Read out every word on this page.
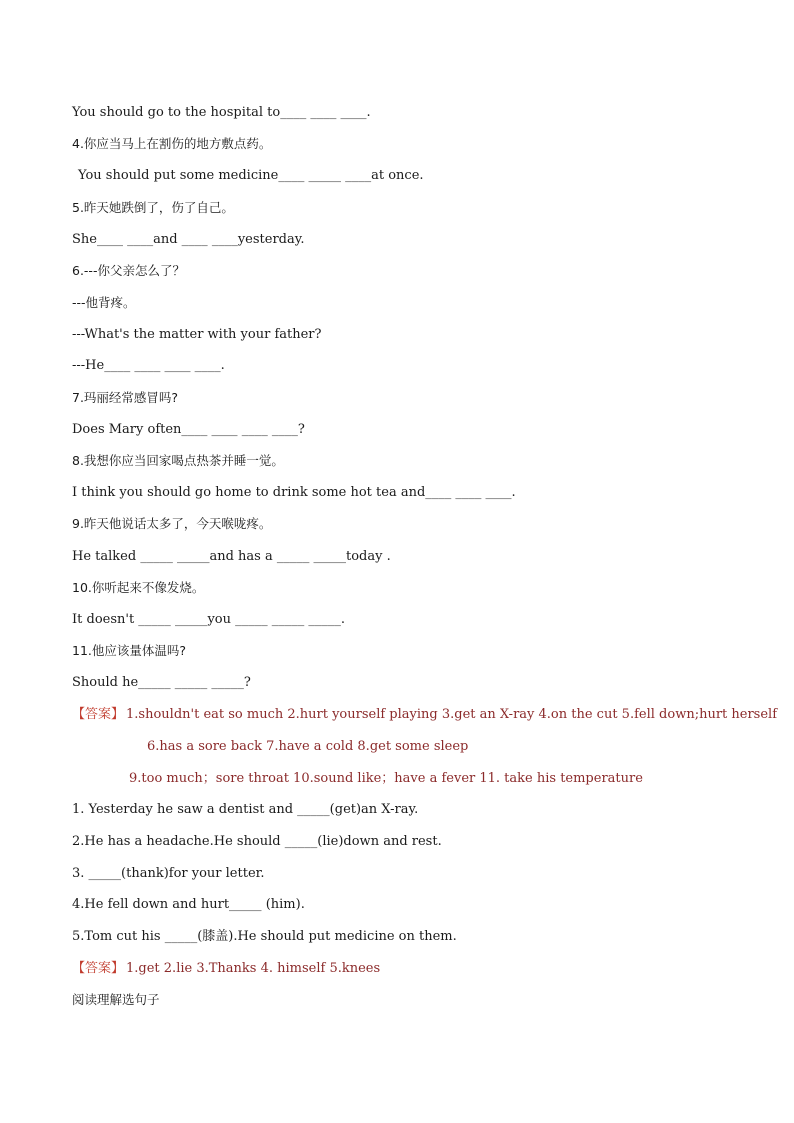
You should go to the hospital to____ ____ ____.
4.你应当马上在割伤的地方敷点药。
You should put some medicine____ _____ ____at once.
5.昨天她跌倒了，伤了自己。
She____ ____and ____ ____yesterday.
6.---你父亲怎么了？
---他背疼。
---What's the matter with your father?
---He____ ____ ____ ____.
7.玛丽经常感冒吗?
Does Mary often____ ____ ____ ____?
8.我想你应当回家喝点热茶并睡一觉。
I think you should go home to drink some hot tea and____ ____ ____.
9.昨天他说话太多了，今天喉咙疼。
He talked _____ _____and has a _____ _____today .
10.你听起来不像发烧。
It doesn't _____ _____you _____ _____ _____.
11.他应该量体温吗?
Should he_____ _____ _____?
【答案】 1.shouldn't eat so much 2.hurt yourself playing 3.get an X-ray 4.on the cut 5.fell down;hurt herself
6.has a sore back 7.have a cold 8.get some sleep
9.too much；sore throat 10.sound like；have a fever 11. take his temperature
1. Yesterday he saw a dentist and _____(get)an X-ray.
2.He has a headache.He should _____(lie)down and rest.
3. _____(thank)for your letter.
4.He fell down and hurt_____ (him).
5.Tom cut his _____(膝盖).He should put medicine on them.
【答案】 1.get 2.lie 3.Thanks 4. himself 5.knees
阅读理解选句子
